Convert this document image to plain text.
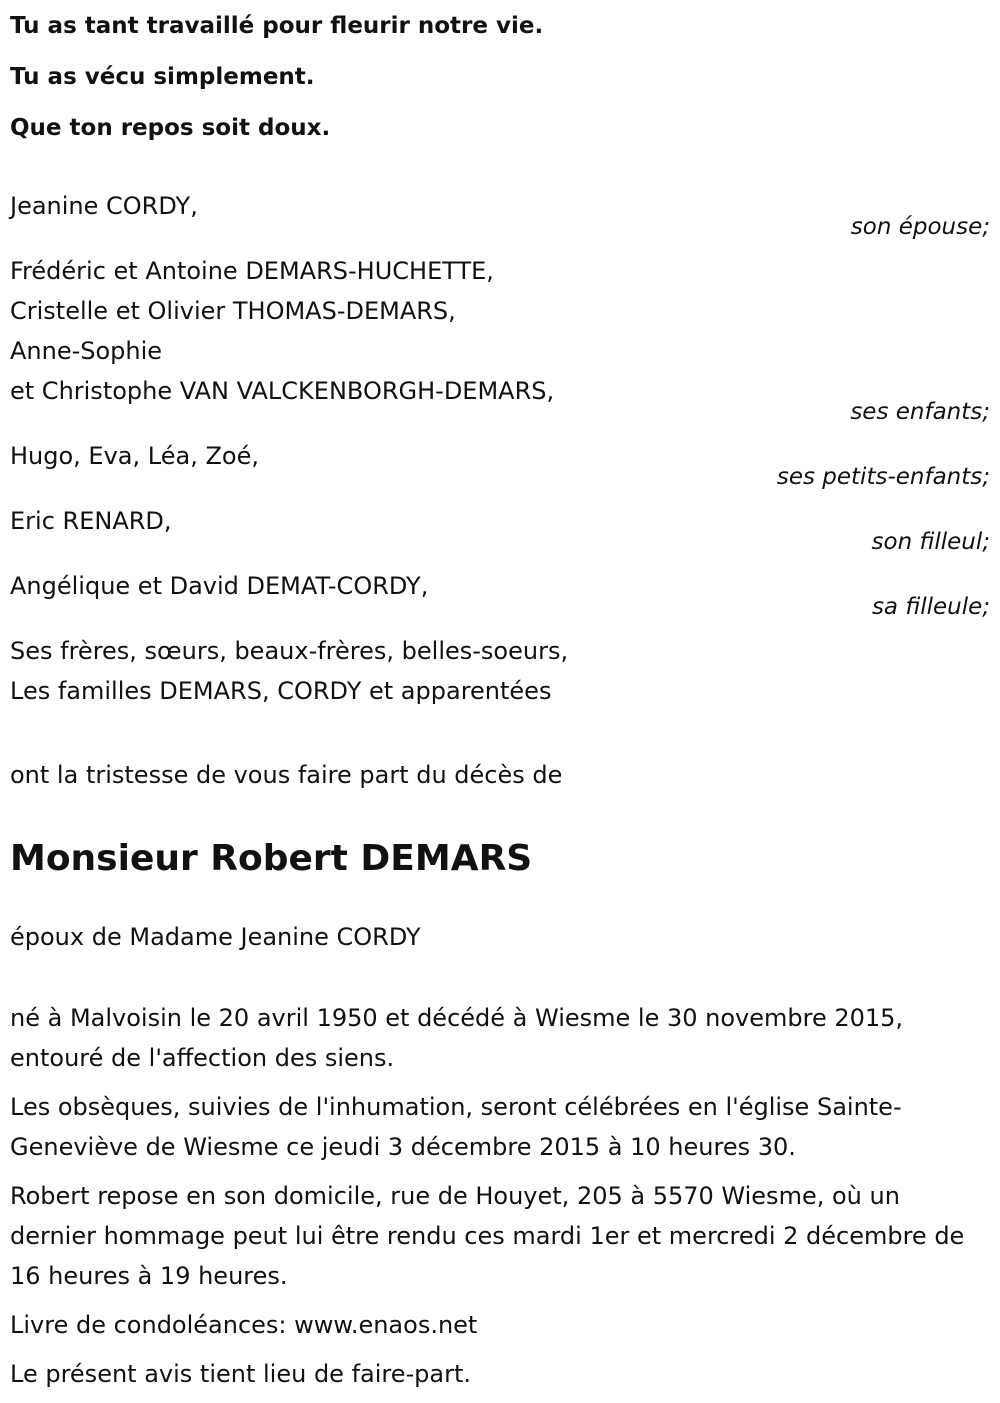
Tu as tant travaillé pour fleurir notre vie.
Tu as vécu simplement.
Que ton repos soit doux.
Jeanine CORDY,
son épouse;
Frédéric et Antoine DEMARS-HUCHETTE,
Cristelle et Olivier THOMAS-DEMARS,
Anne-Sophie
et Christophe VAN VALCKENBORGH-DEMARS,
ses enfants;
Hugo, Eva, Léa, Zoé,
ses petits-enfants;
Eric RENARD,
son filleul;
Angélique et David DEMAT-CORDY,
sa filleule;
Ses frères, sœurs, beaux-frères, belles-soeurs,
Les familles DEMARS, CORDY et apparentées
ont la tristesse de vous faire part du décès de
Monsieur Robert DEMARS
époux de Madame Jeanine CORDY

né à Malvoisin le 20 avril 1950 et décédé à Wiesme le 30 novembre 2015, entouré de l'affection des siens.

Les obsèques, suivies de l'inhumation, seront célébrées en l'église Sainte-Geneviève de Wiesme ce jeudi 3 décembre 2015 à 10 heures 30.

Robert repose en son domicile, rue de Houyet, 205 à 5570 Wiesme, où un dernier hommage peut lui être rendu ces mardi 1er et mercredi 2 décembre de 16 heures à 19 heures.

Livre de condoléances: www.enaos.net

Le présent avis tient lieu de faire-part.
